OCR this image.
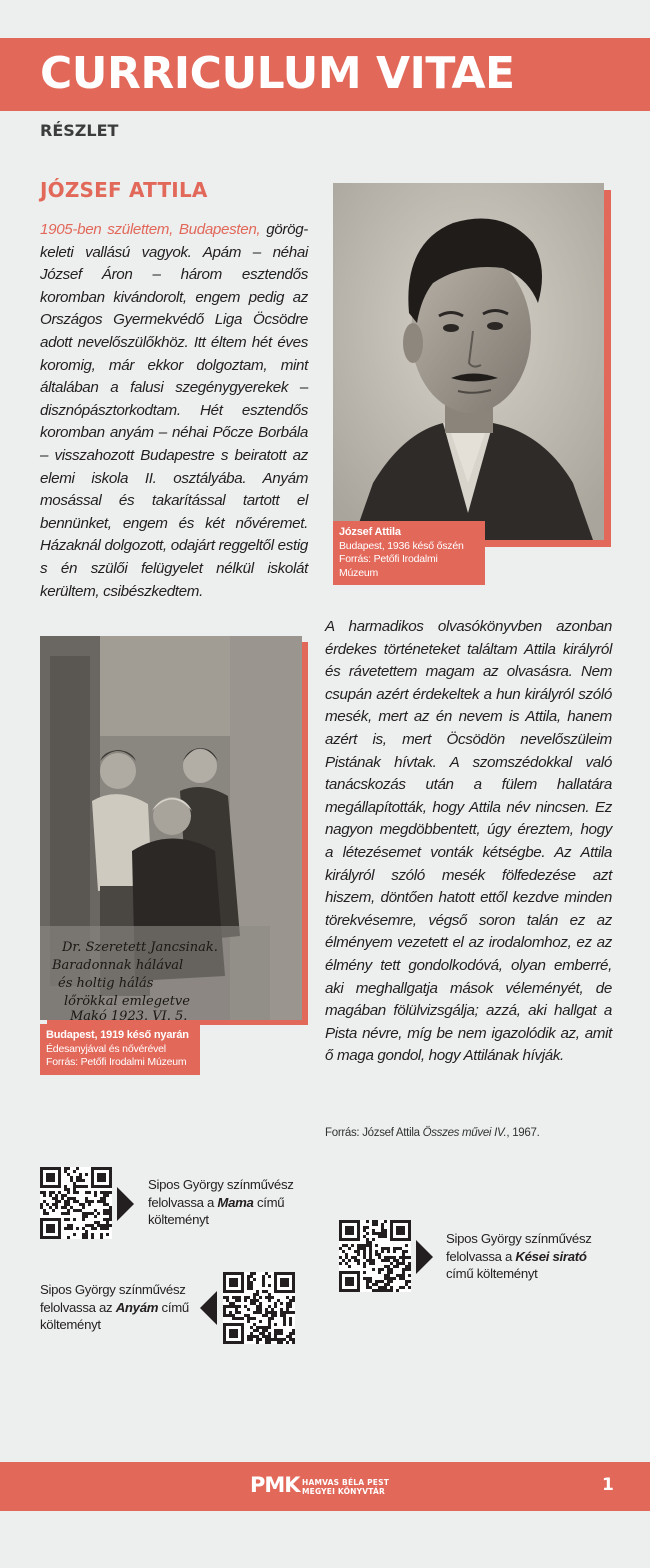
CURRICULUM VITAE
RÉSZLET
JÓZSEF ATTILA

1905-ben születtem, Budapesten, görög-keleti vallású vagyok. Apám – néhai József Áron – három esztendős koromban kivándorolt, engem pedig az Országos Gyermekvédő Liga Öcsödre adott nevelőszülőkhöz. Itt éltem hét éves koromig, már ekkor dolgoztam, mint általában a falusi szegénygyerekek – disznópásztorkodtam. Hét esztendős koromban anyám – néhai Pőcze Borbála – visszahozott Budapestre s beiratott az elemi iskola II. osztályába. Anyám mosással és takarítással tartott el bennünket, engem és két nővéremet. Házaknál dolgozott, odajárt reggeltől estig s én szülői felügyelet nélkül iskolát kerültem, csibészkedtem.

József Attila
Budapest, 1936 késő őszén
Forrás: Petőfi Irodalmi Múzeum
Dr. Szeretett Jancsinak.
Baradonnak hálával
és holtig hálás
lőrökkal emlegetve
Makó 1923. VI. 5.
Budapest, 1919 késő nyarán
Édesanyjával és nővérével
Forrás: Petőfi Irodalmi Múzeum

A harmadikos olvasókönyvben azonban érdekes történeteket találtam Attila királyról és rávetettem magam az olvasásra. Nem csupán azért érdekeltek a hun királyról szóló mesék, mert az én nevem is Attila, hanem azért is, mert Öcsödön nevelőszüleim Pistának hívtak. A szomszédokkal való tanácskozás után a fülem hallatára megállapították, hogy Attila név nincsen. Ez nagyon megdöbbentett, úgy éreztem, hogy a létezésemet vonták kétségbe. Az Attila királyról szóló mesék fölfedezése azt hiszem, döntően hatott ettől kezdve minden törekvésemre, végső soron talán ez az élményem vezetett el az irodalomhoz, ez az élmény tett gondolkodóvá, olyan emberré, aki meghallgatja mások véleményét, de magában fölülvizsgálja; azzá, aki hallgat a Pista névre, míg be nem igazolódik az, amit ő maga gondol, hogy Attilának hívják.

Forrás: József Attila Összes művei IV., 1967.
Sipos György színművész
felolvassa a Mama című
költeményt
Sipos György színművész
felolvassa az Anyám című
költeményt
Sipos György színművész
felolvassa a Kései sirató
című költeményt
PMK HAMVAS BÉLA PEST
MEGYEI KÖNYVTÁR	1
